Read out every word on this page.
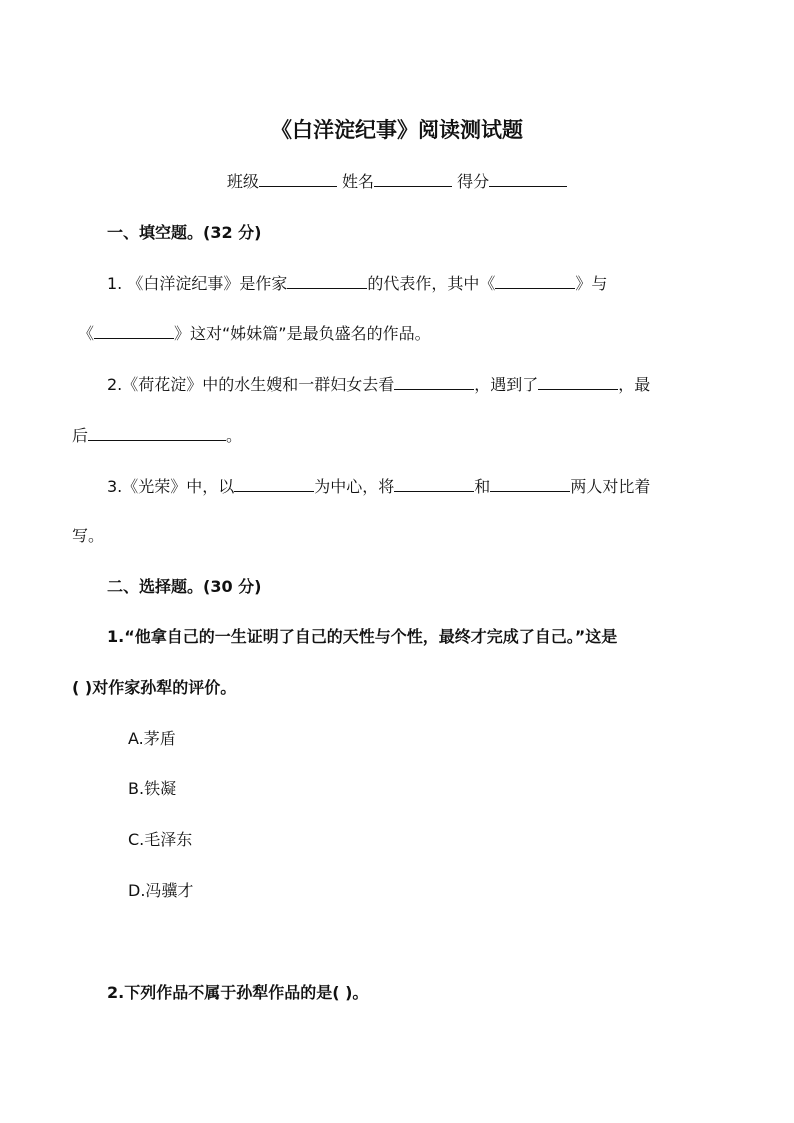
《白洋淀纪事》阅读测试题
班级	姓名	得分
一、填空题。(32 分)
1. 《白洋淀纪事》是作家	的代表作，其中《	》与
《	》这对“姊妹篇”是最负盛名的作品。
2.《荷花淀》中的水生嫂和一群妇女去看	，遇到了	，最
后	。
3.《光荣》中，以	为中心，将	和	两人对比着
写。
二、选择题。(30 分)
1.“他拿自己的一生证明了自己的天性与个性，最终才完成了自己。”这是
( )对作家孙犁的评价。
A.茅盾
B.铁凝
C.毛泽东
D.冯骥才
2.下列作品不属于孙犁作品的是( )。
